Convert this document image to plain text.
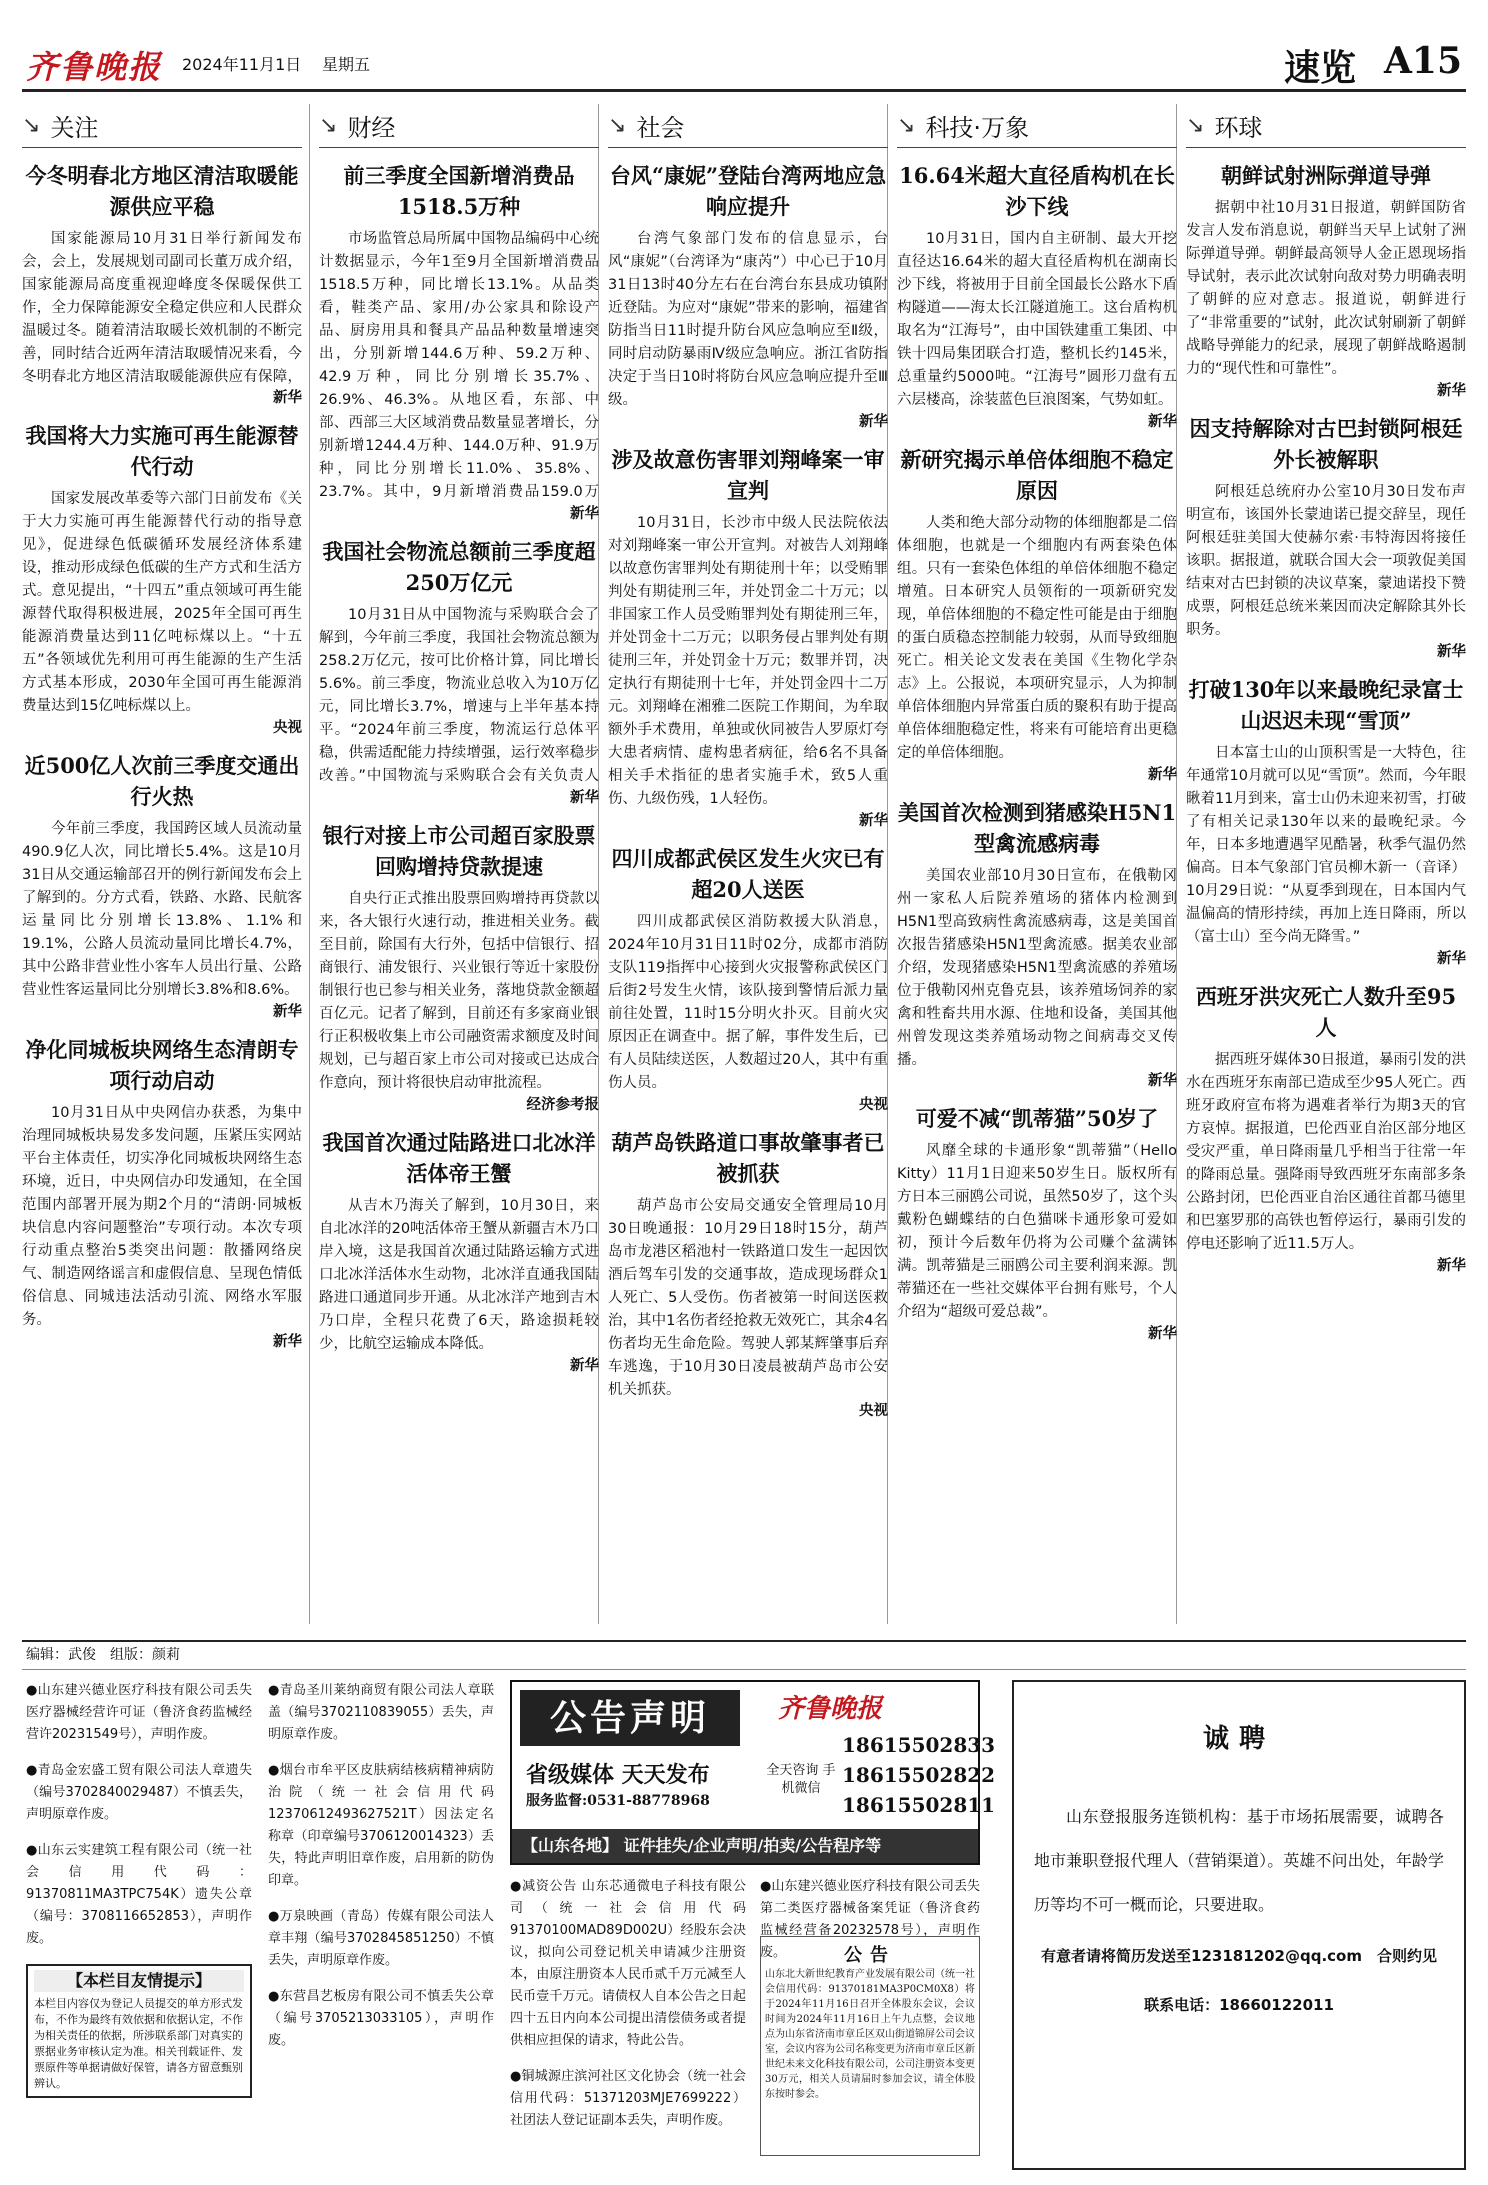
齐鲁晚报 2024年11月1日 星期五	速览 A15
↘ 关注
今冬明春北方地区清洁取暖能源供应平稳

国家能源局10月31日举行新闻发布会，会上，发展规划司副司长董万成介绍，国家能源局高度重视迎峰度冬保暖保供工作，全力保障能源安全稳定供应和人民群众温暖过冬。随着清洁取暖长效机制的不断完善，同时结合近两年清洁取暖情况来看，今冬明春北方地区清洁取暖能源供应有保障，

新华
我国将大力实施可再生能源替代行动

国家发展改革委等六部门日前发布《关于大力实施可再生能源替代行动的指导意见》，促进绿色低碳循环发展经济体系建设，推动形成绿色低碳的生产方式和生活方式。意见提出，“十四五”重点领域可再生能源替代取得积极进展，2025年全国可再生能源消费量达到11亿吨标煤以上。“十五五”各领域优先利用可再生能源的生产生活方式基本形成，2030年全国可再生能源消费量达到15亿吨标煤以上。

央视
近500亿人次前三季度交通出行火热

今年前三季度，我国跨区域人员流动量490.9亿人次，同比增长5.4%。这是10月31日从交通运输部召开的例行新闻发布会上了解到的。分方式看，铁路、水路、民航客运量同比分别增长13.8%、1.1%和19.1%，公路人员流动量同比增长4.7%，其中公路非营业性小客车人员出行量、公路营业性客运量同比分别增长3.8%和8.6%。

新华
净化同城板块网络生态清朗专项行动启动

10月31日从中央网信办获悉，为集中治理同城板块易发多发问题，压紧压实网站平台主体责任，切实净化同城板块网络生态环境，近日，中央网信办印发通知，在全国范围内部署开展为期2个月的“清朗·同城板块信息内容问题整治”专项行动。本次专项行动重点整治5类突出问题：散播网络戾气、制造网络谣言和虚假信息、呈现色情低俗信息、同城违法活动引流、网络水军服务。

新华
↘ 财经
前三季度全国新增消费品1518.5万种

市场监管总局所属中国物品编码中心统计数据显示，今年1至9月全国新增消费品1518.5万种，同比增长13.1%。从品类看，鞋类产品、家用/办公家具和除设产品、厨房用具和餐具产品品种数量增速突出，分别新增144.6万种、59.2万种、42.9万种，同比分别增长35.7%、26.9%、46.3%。从地区看，东部、中部、西部三大区域消费品数量显著增长，分别新增1244.4万种、144.0万种、91.9万种，同比分别增长11.0%、35.8%、23.7%。其中，9月新增消费品159.0万

新华
我国社会物流总额前三季度超250万亿元

10月31日从中国物流与采购联合会了解到，今年前三季度，我国社会物流总额为258.2万亿元，按可比价格计算，同比增长5.6%。前三季度，物流业总收入为10万亿元，同比增长3.7%，增速与上半年基本持平。“2024年前三季度，物流运行总体平稳，供需适配能力持续增强，运行效率稳步改善。”中国物流与采购联合会有关负责人

新华
银行对接上市公司超百家股票回购增持贷款提速

自央行正式推出股票回购增持再贷款以来，各大银行火速行动，推进相关业务。截至目前，除国有大行外，包括中信银行、招商银行、浦发银行、兴业银行等近十家股份制银行也已参与相关业务，落地贷款金额超百亿元。记者了解到，目前还有多家商业银行正积极收集上市公司融资需求额度及时间规划，已与超百家上市公司对接或已达成合作意向，预计将很快启动审批流程。

经济参考报
我国首次通过陆路进口北冰洋活体帝王蟹

从吉木乃海关了解到，10月30日，来自北冰洋的20吨活体帝王蟹从新疆吉木乃口岸入境，这是我国首次通过陆路运输方式进口北冰洋活体水生动物，北冰洋直通我国陆路进口通道同步开通。从北冰洋产地到吉木乃口岸，全程只花费了6天，路途损耗较少，比航空运输成本降低。

新华
↘ 社会
台风“康妮”登陆台湾两地应急响应提升

台湾气象部门发布的信息显示，台风“康妮”（台湾译为“康芮”）中心已于10月31日13时40分左右在台湾台东县成功镇附近登陆。为应对“康妮”带来的影响，福建省防指当日11时提升防台风应急响应至Ⅱ级，同时启动防暴雨Ⅳ级应急响应。浙江省防指决定于当日10时将防台风应急响应提升至Ⅲ级。

新华
涉及故意伤害罪刘翔峰案一审宣判

10月31日，长沙市中级人民法院依法对刘翔峰案一审公开宣判。对被告人刘翔峰以故意伤害罪判处有期徒刑十年；以受贿罪判处有期徒刑三年，并处罚金二十万元；以非国家工作人员受贿罪判处有期徒刑三年，并处罚金十二万元；以职务侵占罪判处有期徒刑三年，并处罚金十万元；数罪并罚，决定执行有期徒刑十七年，并处罚金四十二万元。刘翔峰在湘雅二医院工作期间，为牟取额外手术费用，单独或伙同被告人罗原灯夸大患者病情、虚构患者病征，给6名不具备相关手术指征的患者实施手术，致5人重伤、九级伤残，1人轻伤。

新华
四川成都武侯区发生火灾已有超20人送医

四川成都武侯区消防救援大队消息，2024年10月31日11时02分，成都市消防支队119指挥中心接到火灾报警称武侯区门后街2号发生火情，该队接到警情后派力量前往处置，11时15分明火扑灭。目前火灾原因正在调查中。据了解，事件发生后，已有人员陆续送医，人数超过20人，其中有重伤人员。

央视
葫芦岛铁路道口事故肇事者已被抓获

葫芦岛市公安局交通安全管理局10月30日晚通报：10月29日18时15分，葫芦岛市龙港区稻池村一铁路道口发生一起因饮酒后驾车引发的交通事故，造成现场群众1人死亡、5人受伤。伤者被第一时间送医救治，其中1名伤者经抢救无效死亡，其余4名伤者均无生命危险。驾驶人郭某辉肇事后弃车逃逸，于10月30日凌晨被葫芦岛市公安机关抓获。

央视
↘ 科技·万象
16.64米超大直径盾构机在长沙下线

10月31日，国内自主研制、最大开挖直径达16.64米的超大直径盾构机在湖南长沙下线，将被用于目前全国最长公路水下盾构隧道——海太长江隧道施工。这台盾构机取名为“江海号”，由中国铁建重工集团、中铁十四局集团联合打造，整机长约145米，总重量约5000吨。“江海号”圆形刀盘有五六层楼高，涂装蓝色巨浪图案，气势如虹。

新华
新研究揭示单倍体细胞不稳定原因

人类和绝大部分动物的体细胞都是二倍体细胞，也就是一个细胞内有两套染色体组。只有一套染色体组的单倍体细胞不稳定增殖。日本研究人员领衔的一项新研究发现，单倍体细胞的不稳定性可能是由于细胞的蛋白质稳态控制能力较弱，从而导致细胞死亡。相关论文发表在美国《生物化学杂志》上。公报说，本项研究显示，人为抑制单倍体细胞内异常蛋白质的聚积有助于提高单倍体细胞稳定性，将来有可能培育出更稳定的单倍体细胞。

新华
美国首次检测到猪感染H5N1型禽流感病毒

美国农业部10月30日宣布，在俄勒冈州一家私人后院养殖场的猪体内检测到H5N1型高致病性禽流感病毒，这是美国首次报告猪感染H5N1型禽流感。据美农业部介绍，发现猪感染H5N1型禽流感的养殖场位于俄勒冈州克鲁克县，该养殖场饲养的家禽和牲畜共用水源、住地和设备，美国其他州曾发现这类养殖场动物之间病毒交叉传播。

新华
可爱不减“凯蒂猫”50岁了

风靡全球的卡通形象“凯蒂猫”（Hello Kitty）11月1日迎来50岁生日。版权所有方日本三丽鸥公司说，虽然50岁了，这个头戴粉色蝴蝶结的白色猫咪卡通形象可爱如初，预计今后数年仍将为公司赚个盆满钵满。凯蒂猫是三丽鸥公司主要利润来源。凯蒂猫还在一些社交媒体平台拥有账号，个人介绍为“超级可爱总裁”。

新华
↘ 环球
朝鲜试射洲际弹道导弹

据朝中社10月31日报道，朝鲜国防省发言人发布消息说，朝鲜当天早上试射了洲际弹道导弹。朝鲜最高领导人金正恩现场指导试射，表示此次试射向敌对势力明确表明了朝鲜的应对意志。报道说，朝鲜进行了“非常重要的”试射，此次试射刷新了朝鲜战略导弹能力的纪录，展现了朝鲜战略遏制力的“现代性和可靠性”。

新华
因支持解除对古巴封锁阿根廷外长被解职

阿根廷总统府办公室10月30日发布声明宣布，该国外长蒙迪诺已提交辞呈，现任阿根廷驻美国大使赫尔索·韦特海因将接任该职。据报道，就联合国大会一项敦促美国结束对古巴封锁的决议草案，蒙迪诺投下赞成票，阿根廷总统米莱因而决定解除其外长职务。

新华
打破130年以来最晚纪录富士山迟迟未现“雪顶”

日本富士山的山顶积雪是一大特色，往年通常10月就可以见“雪顶”。然而，今年眼瞅着11月到来，富士山仍未迎来初雪，打破了有相关记录130年以来的最晚纪录。今年，日本多地遭遇罕见酷暑，秋季气温仍然偏高。日本气象部门官员柳木新一（音译）10月29日说：“从夏季到现在，日本国内气温偏高的情形持续，再加上连日降雨，所以（富士山）至今尚无降雪。”

新华
西班牙洪灾死亡人数升至95人

据西班牙媒体30日报道，暴雨引发的洪水在西班牙东南部已造成至少95人死亡。西班牙政府宣布将为遇难者举行为期3天的官方哀悼。据报道，巴伦西亚自治区部分地区受灾严重，单日降雨量几乎相当于往常一年的降雨总量。强降雨导致西班牙东南部多条公路封闭，巴伦西亚自治区通往首都马德里和巴塞罗那的高铁也暂停运行，暴雨引发的停电还影响了近11.5万人。

新华
编辑：武俊　组版：颜莉
●山东建兴德业医疗科技有限公司丢失医疗器械经营许可证（鲁济食药监械经营许20231549号），声明作废。
●青岛金宏盛工贸有限公司法人章遗失（编号3702840029487）不慎丢失，声明原章作废。
●山东云实建筑工程有限公司（统一社会信用代码：91370811MA3TPC754K）遗失公章（编号：3708116652853），声明作废。
【本栏目友情提示】
本栏目内容仅为登记人员提交的单方形式发布，不作为最终有效依据和依据认定，不作为相关责任的依据，所涉联系部门对真实的票据业务审核认定为准。相关刊载证件、发票原件等单据请做好保管，请各方留意甄别辨认。
●青岛圣川莱纳商贸有限公司法人章联盖（编号3702110839055）丢失，声明原章作废。
●烟台市牟平区皮肤病结核病精神病防治院（统一社会信用代码12370612493627521T）因法定名称章（印章编号3706120014323）丢失，特此声明旧章作废，启用新的防伪印章。
●万泉映画（青岛）传媒有限公司法人章丰翔（编号3702845851250）不慎丢失，声明原章作废。
●东营昌艺板房有限公司不慎丢失公章（编号3705213033105），声明作废。
公告声明	齐鲁晚报
省级媒体 天天发布
服务监督:0531-88778968
全天咨询 手机微信
18615502833
18615502822
18615502811
【山东各地】 证件挂失/企业声明/拍卖/公告程序等
●减资公告 山东芯通微电子科技有限公司（统一社会信用代码91370100MAD89D002U）经股东会决议，拟向公司登记机关申请减少注册资本，由原注册资本人民币贰千万元减至人民币壹千万元。请债权人自本公告之日起四十五日内向本公司提出清偿债务或者提供相应担保的请求，特此公告。
●铜城源庄滨河社区文化协会（统一社会信用代码：51371203MJE7699222）社团法人登记证副本丢失，声明作废。
●山东建兴德业医疗科技有限公司丢失第二类医疗器械备案凭证（鲁济食药监械经营备20232578号），声明作废。	公告
山东北大新世纪教育产业发展有限公司（统一社会信用代码：91370181MA3P0CM0X8）将于2024年11月16日召开全体股东会议，会议时间为2024年11月16日上午九点整，会议地点为山东省济南市章丘区双山街道锦屏公司会议室，会议内容为公司名称变更为济南市章丘区新世纪未来文化科技有限公司，公司注册资本变更30万元，相关人员请届时参加会议，请全体股东按时参会。
诚聘
山东登报服务连锁机构：基于市场拓展需要，诚聘各地市兼职登报代理人（营销渠道）。英雄不问出处，年龄学历等均不可一概而论，只要进取。
有意者请将简历发送至123181202@qq.com　合则约见
联系电话：18660122011
